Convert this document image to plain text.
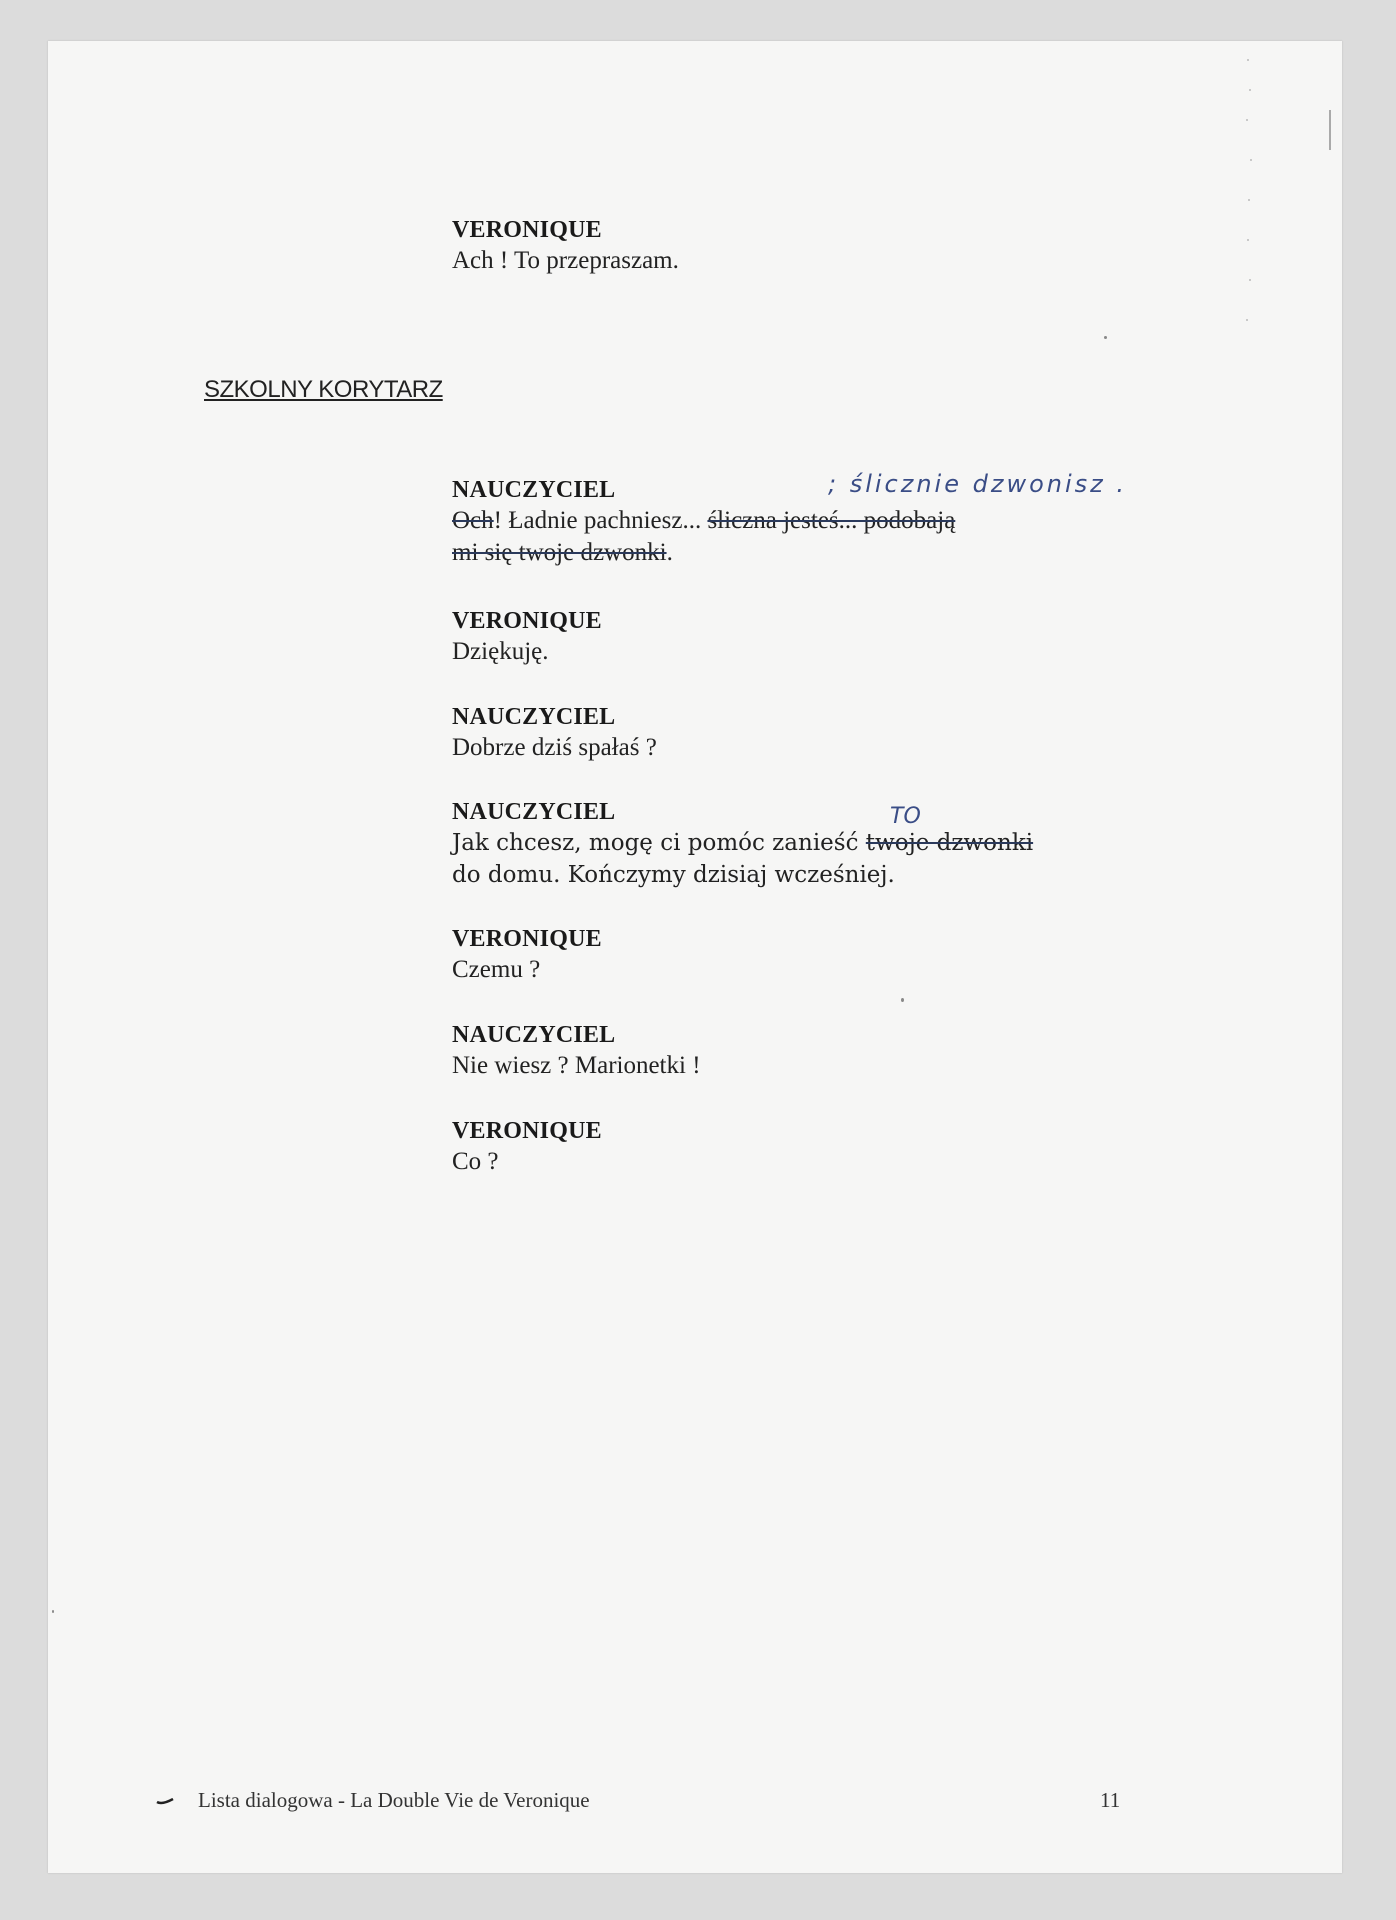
VERONIQUE
Ach ! To przepraszam.
SZKOLNY KORYTARZ
NAUCZYCIEL
Och! Ładnie pachniesz... śliczna jesteś... podobają
mi się twoje dzwonki.
; ślicznie dzwonisz .
VERONIQUE
Dziękuję.
NAUCZYCIEL
Dobrze dziś spałaś ?
NAUCZYCIEL
Jak chcesz, mogę ci pomóc zanieść twoje dzwonki
do domu. Kończymy dzisiaj wcześniej.
TO
VERONIQUE
Czemu ?
NAUCZYCIEL
Nie wiesz ? Marionetki !
VERONIQUE
Co ?
Lista dialogowa - La Double Vie de Veronique	11
